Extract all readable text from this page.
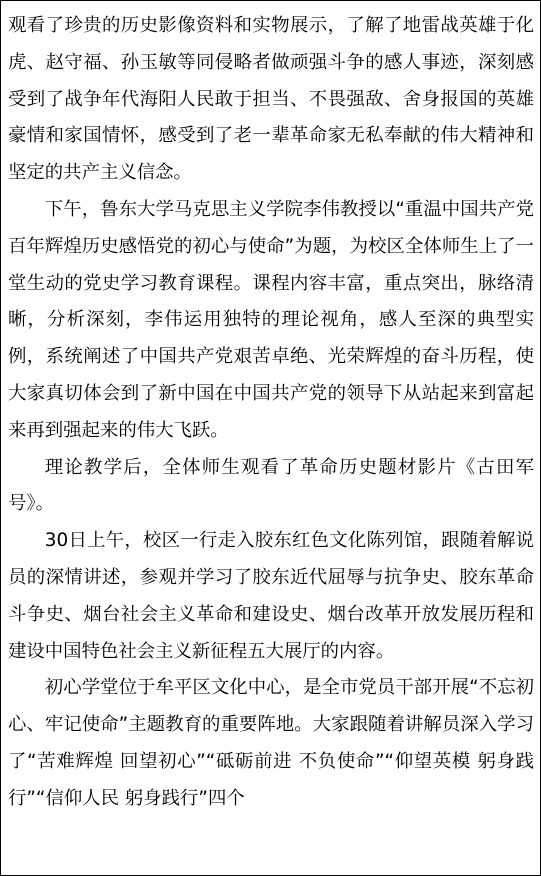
观看了珍贵的历史影像资料和实物展示，了解了地雷战英雄于化虎、赵守福、孙玉敏等同侵略者做顽强斗争的感人事迹，深刻感受到了战争年代海阳人民敢于担当、不畏强敌、舍身报国的英雄豪情和家国情怀，感受到了老一辈革命家无私奉献的伟大精神和坚定的共产主义信念。

下午，鲁东大学马克思主义学院李伟教授以“重温中国共产党百年辉煌历史感悟党的初心与使命”为题，为校区全体师生上了一堂生动的党史学习教育课程。课程内容丰富，重点突出，脉络清晰，分析深刻，李伟运用独特的理论视角，感人至深的典型实例，系统阐述了中国共产党艰苦卓绝、光荣辉煌的奋斗历程，使大家真切体会到了新中国在中国共产党的领导下从站起来到富起来再到强起来的伟大飞跃。

理论教学后，全体师生观看了革命历史题材影片《古田军号》。

30日上午，校区一行走入胶东红色文化陈列馆，跟随着解说员的深情讲述，参观并学习了胶东近代屈辱与抗争史、胶东革命斗争史、烟台社会主义革命和建设史、烟台改革开放发展历程和建设中国特色社会主义新征程五大展厅的内容。

初心学堂位于牟平区文化中心，是全市党员干部开展“不忘初心、牢记使命”主题教育的重要阵地。大家跟随着讲解员深入学习了“苦难辉煌 回望初心”“砥砺前进 不负使命”“仰望英模 躬身践行”“信仰人民 躬身践行”四个
